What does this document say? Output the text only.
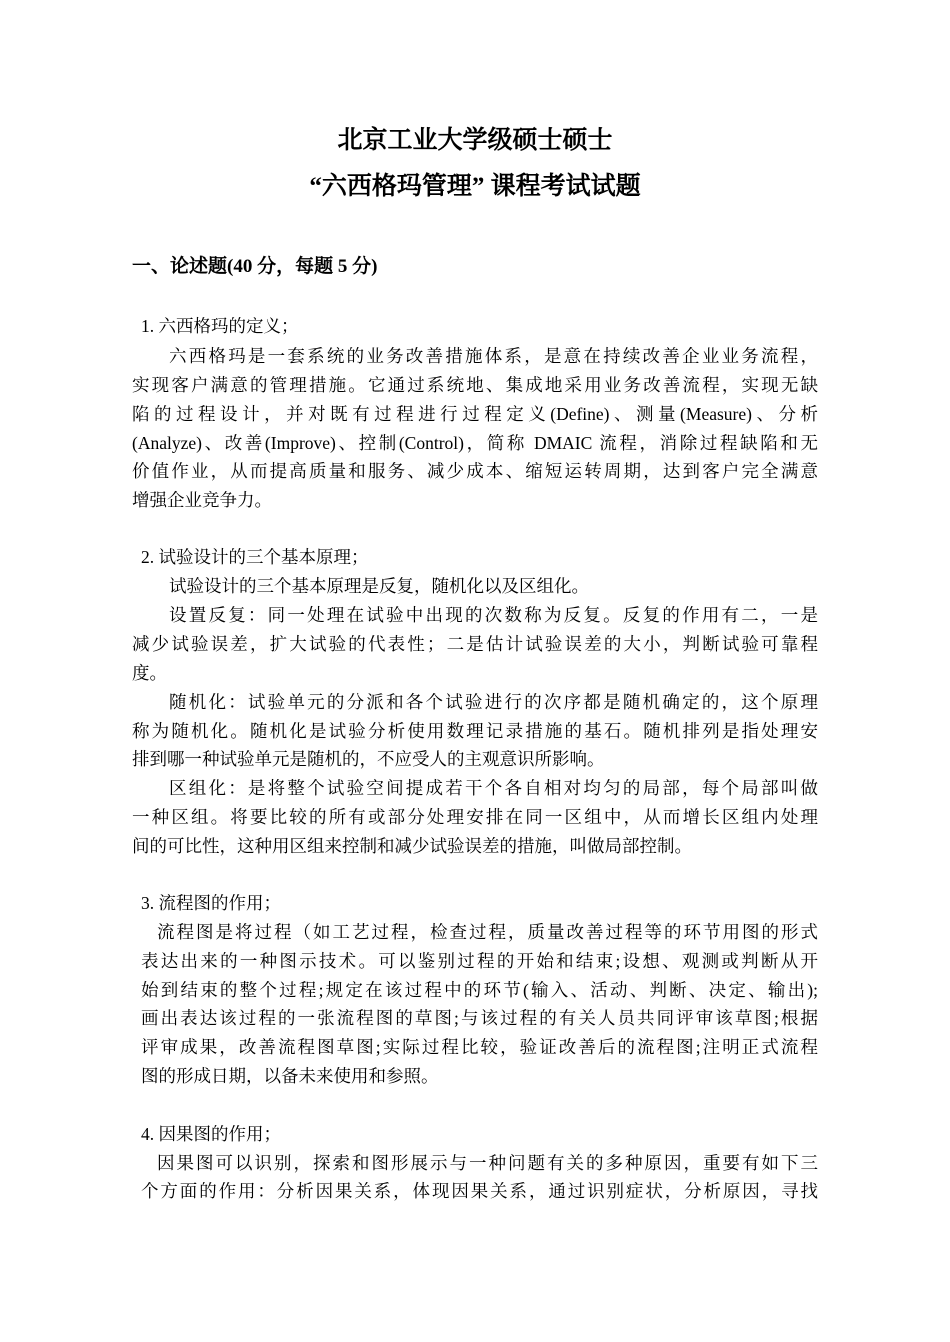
北京工业大学级硕士硕士
“六西格玛管理” 课程考试试题
一、论述题(40 分，每题 5 分)
1. 六西格玛的定义；
六西格玛是一套系统的业务改善措施体系，是意在持续改善企业业务流程，
实现客户满意的管理措施。它通过系统地、集成地采用业务改善流程，实现无缺
陷的过程设计，并对既有过程进行过程定义(Define)、测量(Measure)、分析
(Analyze)、改善(Improve)、控制(Control)，简称 DMAIC 流程，消除过程缺陷和无
价值作业，从而提高质量和服务、减少成本、缩短运转周期，达到客户完全满意
增强企业竞争力。
2. 试验设计的三个基本原理；
试验设计的三个基本原理是反复，随机化以及区组化。
设置反复：同一处理在试验中出现的次数称为反复。反复的作用有二，一是
减少试验误差，扩大试验的代表性；二是估计试验误差的大小，判断试验可靠程
度。
随机化：试验单元的分派和各个试验进行的次序都是随机确定的，这个原理
称为随机化。随机化是试验分析使用数理记录措施的基石。随机排列是指处理安
排到哪一种试验单元是随机的，不应受人的主观意识所影响。
区组化：是将整个试验空间提成若干个各自相对均匀的局部，每个局部叫做
一种区组。将要比较的所有或部分处理安排在同一区组中，从而增长区组内处理
间的可比性，这种用区组来控制和减少试验误差的措施，叫做局部控制。
3. 流程图的作用；
流程图是将过程（如工艺过程，检查过程，质量改善过程等的环节用图的形式
表达出来的一种图示技术。可以鉴别过程的开始和结束;设想、观测或判断从开
始到结束的整个过程;规定在该过程中的环节(输入、活动、判断、决定、输出);
画出表达该过程的一张流程图的草图;与该过程的有关人员共同评审该草图;根据
评审成果，改善流程图草图;实际过程比较，验证改善后的流程图;注明正式流程
图的形成日期，以备未来使用和参照。
4. 因果图的作用；
因果图可以识别，探索和图形展示与一种问题有关的多种原因，重要有如下三
个方面的作用：分析因果关系，体现因果关系，通过识别症状，分析原因，寻找
